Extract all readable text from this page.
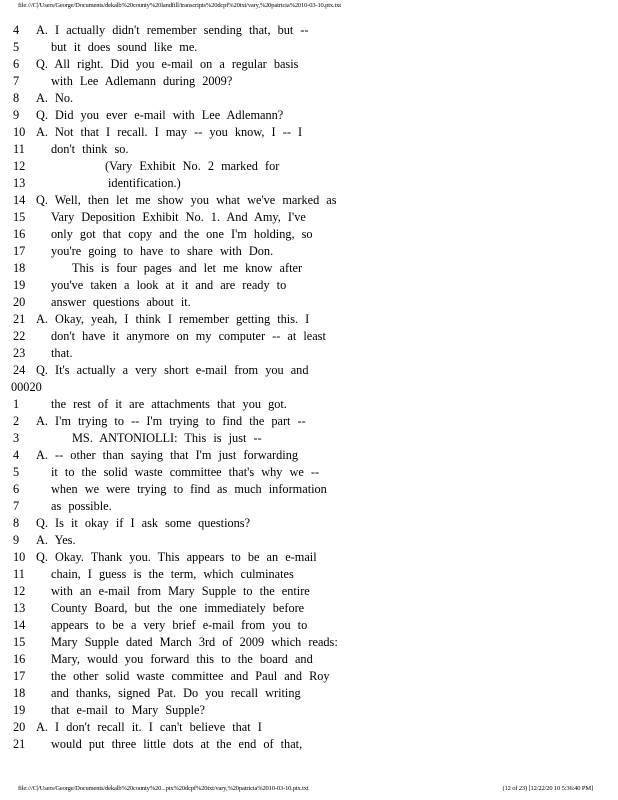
file:///C|/Users/George/Documents/dekalb%20county%20landfill/transcripts%20dcpf%20txt/vary,%20patricia%2010-03-10.ptx.txt
4	A. I actually didn't remember sending that, but --
5	but it does sound like me.
6	Q. All right. Did you e-mail on a regular basis
7	with Lee Adlemann during 2009?
8	A. No.
9	Q. Did you ever e-mail with Lee Adlemann?
10 A. Not that I recall. I may -- you know, I -- I
11	don't think so.
12	(Vary Exhibit No. 2 marked for
13	identification.)
14 Q. Well, then let me show you what we've marked as
15	Vary Deposition Exhibit No. 1. And Amy, I've
16	only got that copy and the one I'm holding, so
17	you're going to have to share with Don.
18	This is four pages and let me know after
19	you've taken a look at it and are ready to
20	answer questions about it.
21 A. Okay, yeah, I think I remember getting this. I
22	don't have it anymore on my computer -- at least
23	that.
24 Q. It's actually a very short e-mail from you and
00020
1	the rest of it are attachments that you got.
2	A. I'm trying to -- I'm trying to find the part --
3	MS. ANTONIOLLI: This is just --
4	A. -- other than saying that I'm just forwarding
5	it to the solid waste committee that's why we --
6	when we were trying to find as much information
7	as possible.
8	Q. Is it okay if I ask some questions?
9	A. Yes.
10 Q. Okay. Thank you. This appears to be an e-mail
11	chain, I guess is the term, which culminates
12	with an e-mail from Mary Supple to the entire
13	County Board, but the one immediately before
14	appears to be a very brief e-mail from you to
15	Mary Supple dated March 3rd of 2009 which reads:
16	Mary, would you forward this to the board and
17	the other solid waste committee and Paul and Roy
18	and thanks, signed Pat. Do you recall writing
19	that e-mail to Mary Supple?
20 A. I don't recall it. I can't believe that I
21	would put three little dots at the end of that,
file:///C|/Users/George/Documents/dekalb%20county%20...ptx%20dcpf%20txt/vary,%20patricia%2010-03-10.ptx.txt	(12 of 23) [12/22/20 10 5:36:40 PM]
